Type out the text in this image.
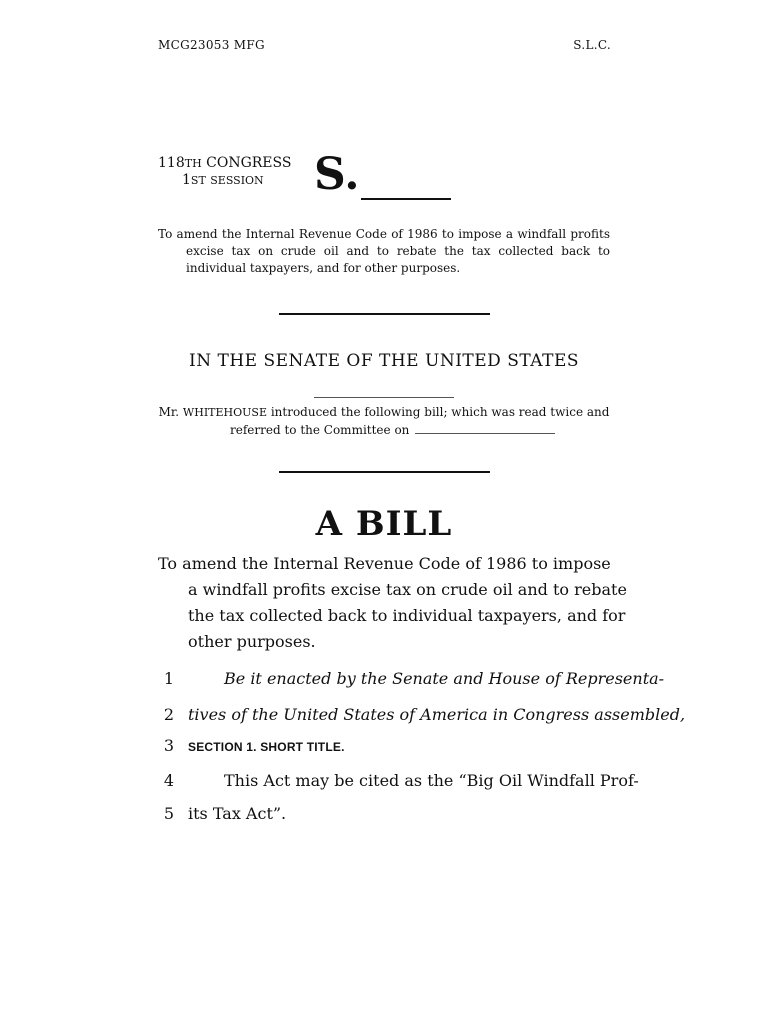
MCG23053 MFG	S.L.C.

118TH CONGRESS

1ST SESSION S.

To amend the Internal Revenue Code of 1986 to impose a windfall profits excise tax on crude oil and to rebate the tax collected back to individual taxpayers, and for other purposes.

IN THE SENATE OF THE UNITED STATES

Mr. WHITEHOUSE introduced the following bill; which was read twice and

referred to the Committee on

A BILL

To amend the Internal Revenue Code of 1986 to impose

a windfall profits excise tax on crude oil and to rebate

the tax collected back to individual taxpayers, and for

other purposes.

1	Be it enacted by the Senate and House of Representa-
2 tives of the United States of America in Congress assembled,
3	SECTION 1. SHORT TITLE.
4	This Act may be cited as the “Big Oil Windfall Prof-
5 its Tax Act”.
